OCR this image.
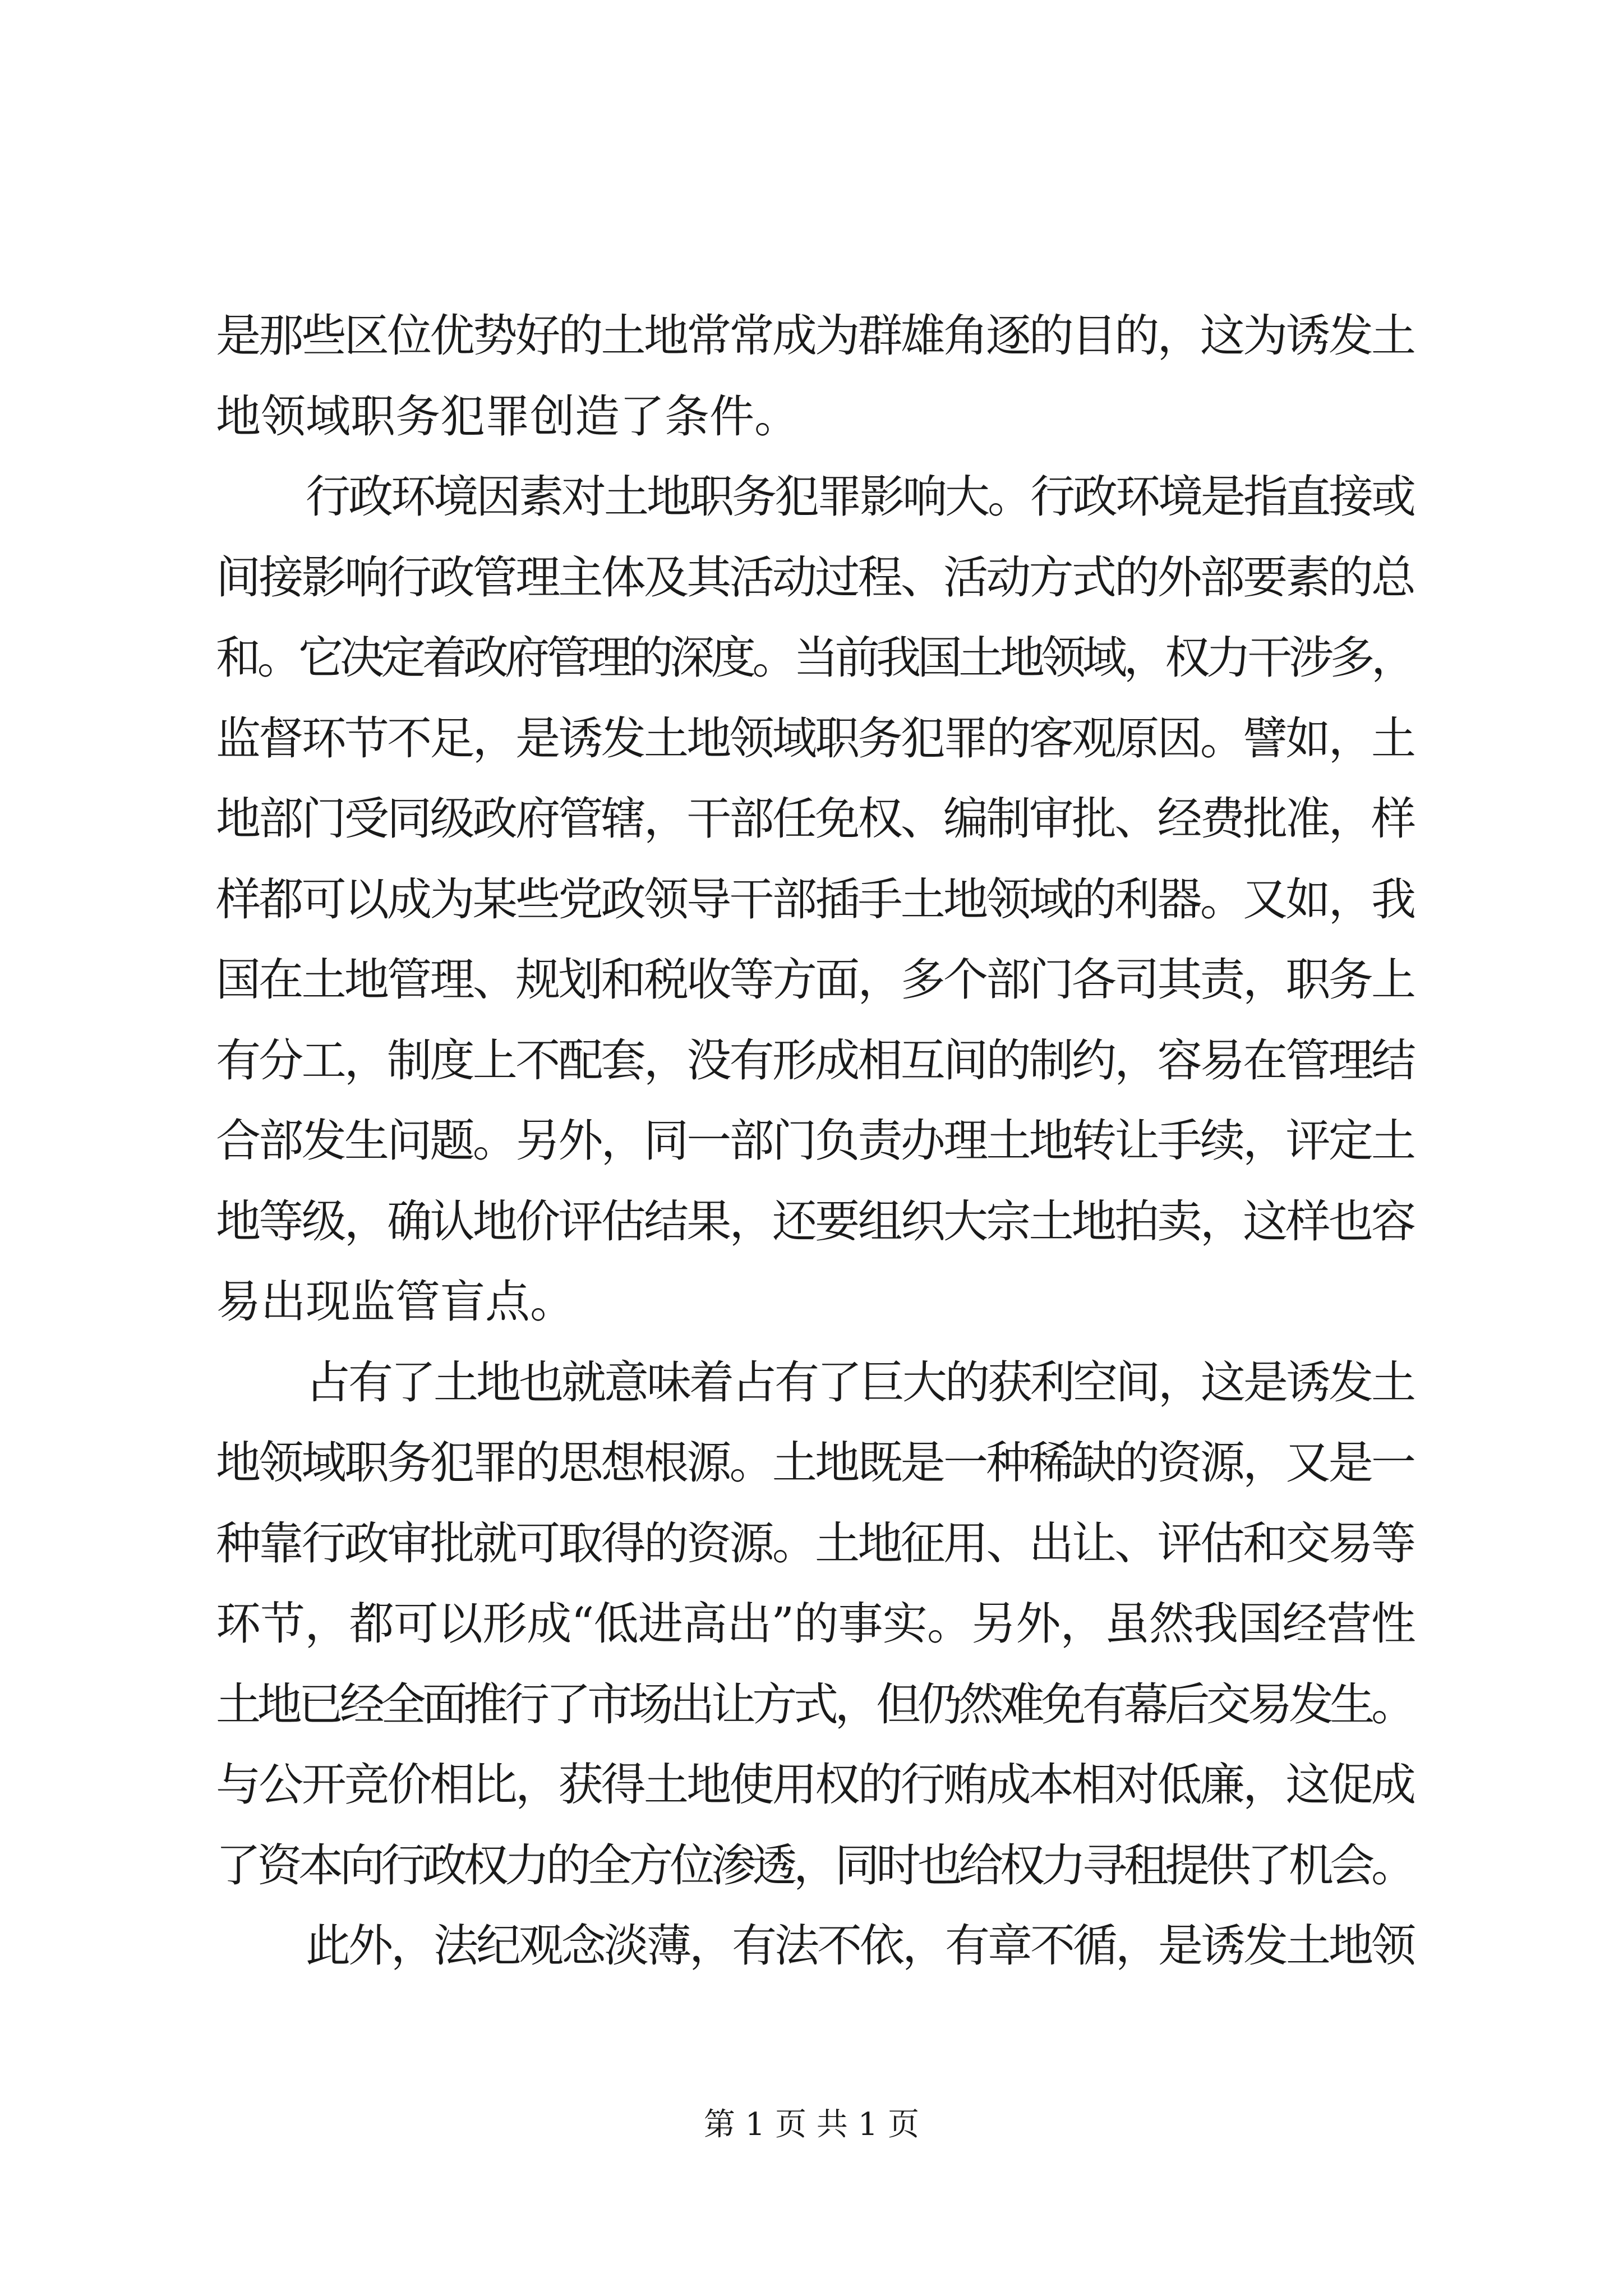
是那些区位优势好的土地常常成为群雄角逐的目的，这为诱发土
地领域职务犯罪创造了条件。
行政环境因素对土地职务犯罪影响大。行政环境是指直接或
间接影响行政管理主体及其活动过程、活动方式的外部要素的总
和。它决定着政府管理的深度。当前我国土地领域，权力干涉多，
监督环节不足，是诱发土地领域职务犯罪的客观原因。譬如，土
地部门受同级政府管辖，干部任免权、编制审批、经费批准，样
样都可以成为某些党政领导干部插手土地领域的利器。又如，我
国在土地管理、规划和税收等方面，多个部门各司其责，职务上
有分工，制度上不配套，没有形成相互间的制约，容易在管理结
合部发生问题。另外，同一部门负责办理土地转让手续，评定土
地等级，确认地价评估结果，还要组织大宗土地拍卖，这样也容
易出现监管盲点。
占有了土地也就意味着占有了巨大的获利空间，这是诱发土
地领域职务犯罪的思想根源。土地既是一种稀缺的资源，又是一
种靠行政审批就可取得的资源。土地征用、出让、评估和交易等
环节，都可以形成“低进高出”的事实。另外，虽然我国经营性
土地已经全面推行了市场出让方式，但仍然难免有幕后交易发生。
与公开竞价相比，获得土地使用权的行贿成本相对低廉，这促成
了资本向行政权力的全方位渗透，同时也给权力寻租提供了机会。
此外，法纪观念淡薄，有法不依，有章不循，是诱发土地领
第 1 页 共 1 页
